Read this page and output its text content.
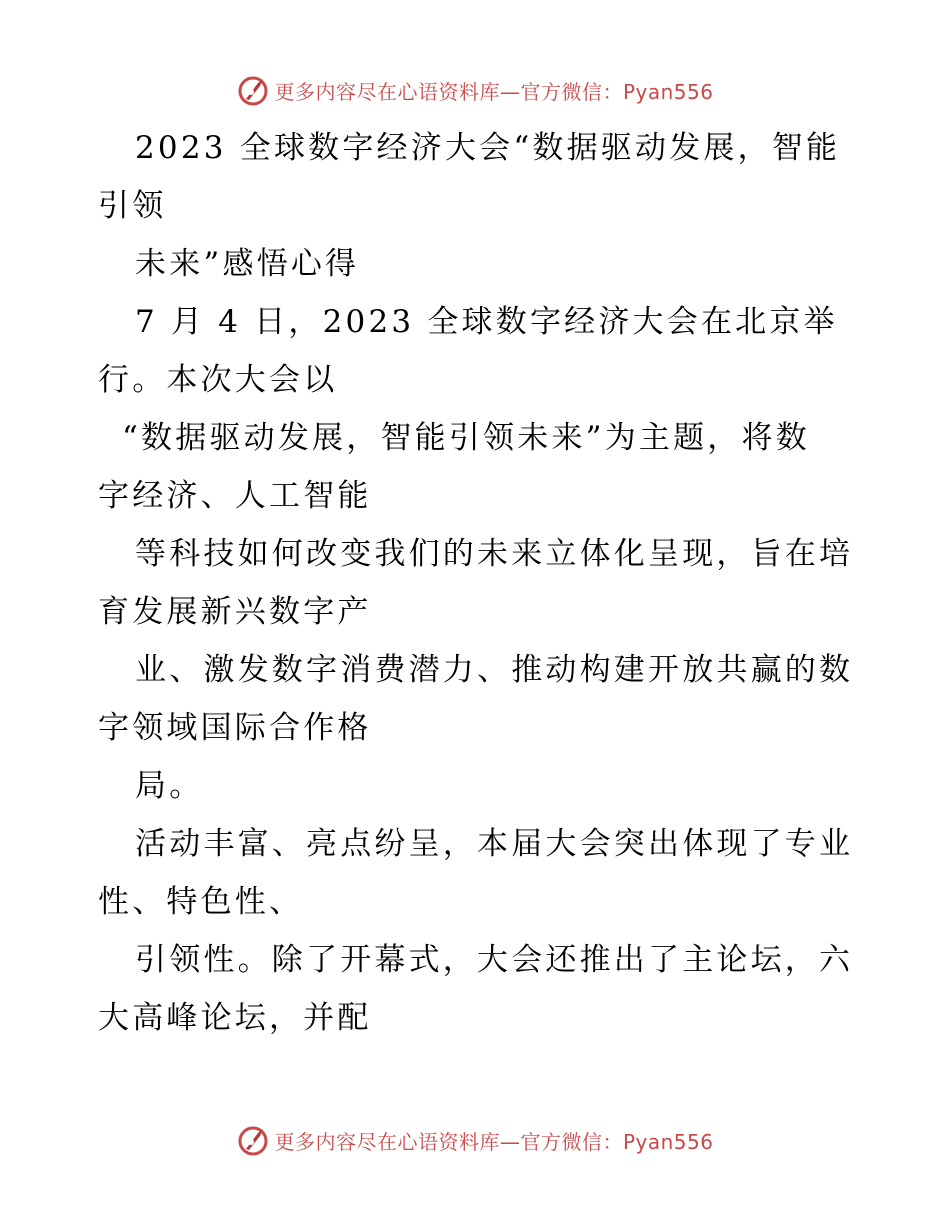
更多内容尽在心语资料库—官方微信：Pyan556
2023 全球数字经济大会“数据驱动发展，智能
引领
未来”感悟心得
7 月 4 日，2023 全球数字经济大会在北京举
行。本次大会以
“数据驱动发展，智能引领未来”为主题，将数
字经济、人工智能
等科技如何改变我们的未来立体化呈现，旨在培
育发展新兴数字产
业、激发数字消费潜力、推动构建开放共赢的数
字领域国际合作格
局。
活动丰富、亮点纷呈，本届大会突出体现了专业
性、特色性、
引领性。除了开幕式，大会还推出了主论坛，六
大高峰论坛，并配
更多内容尽在心语资料库—官方微信：Pyan556
